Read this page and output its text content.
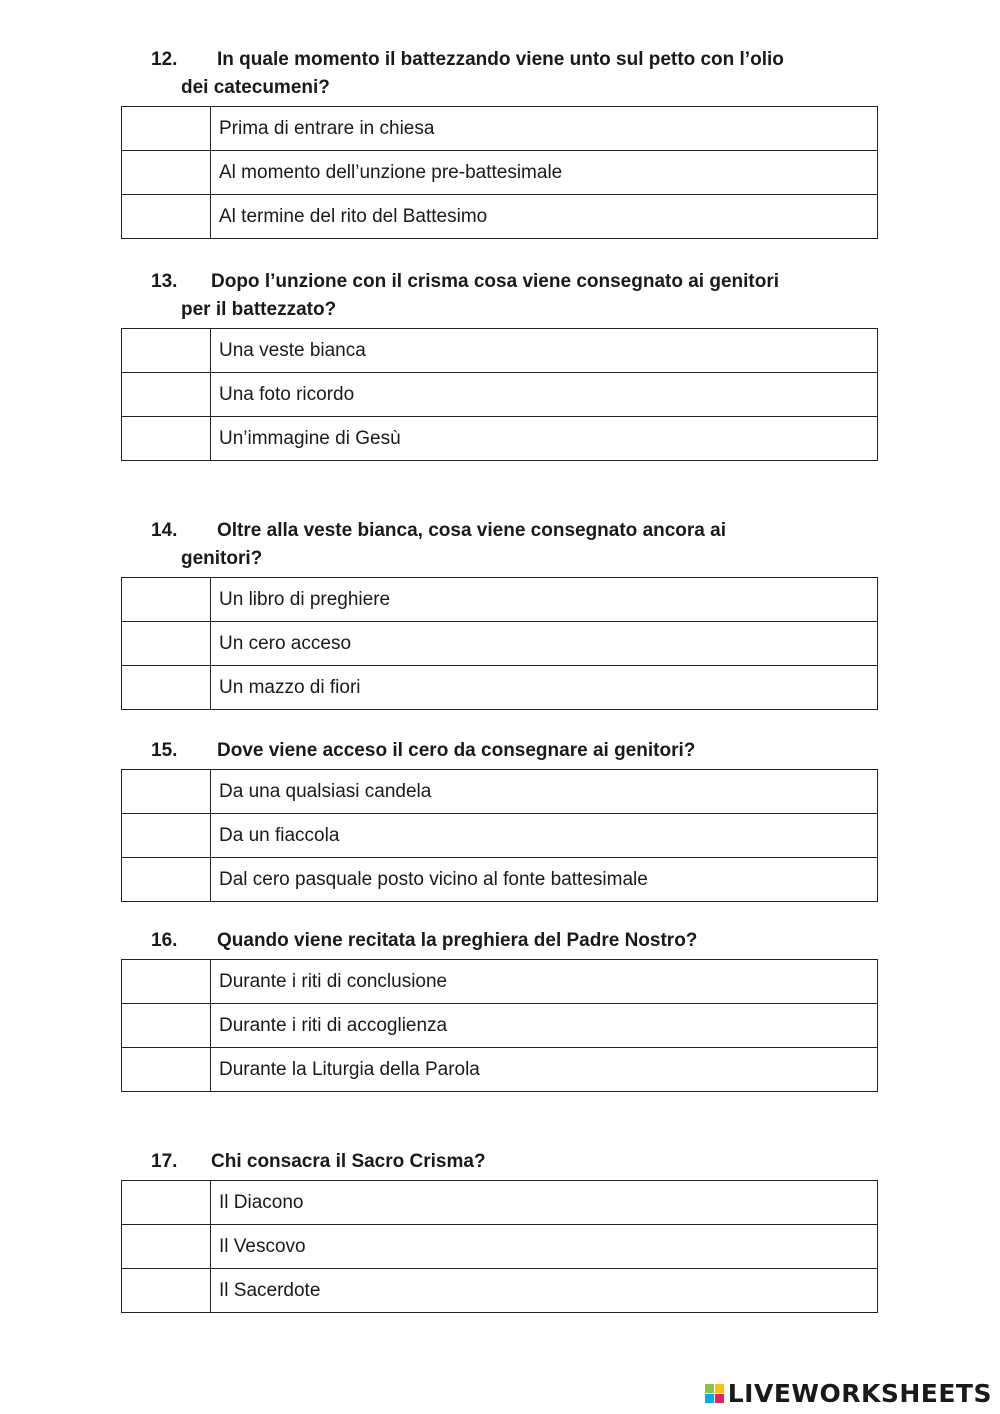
12. In quale momento il battezzando viene unto sul petto con l’olio
dei catecumeni?

	Prima di entrare in chiesa
	Al momento dell’unzione pre-battesimale
	Al termine del rito del Battesimo

13. Dopo l’unzione con il crisma cosa viene consegnato ai genitori
per il battezzato?

	Una veste bianca
	Una foto ricordo
	Un’immagine di Gesù

14. Oltre alla veste bianca, cosa viene consegnato ancora ai
genitori?

	Un libro di preghiere
	Un cero acceso
	Un mazzo di fiori

15. Dove viene acceso il cero da consegnare ai genitori?

	Da una qualsiasi candela
	Da un fiaccola
	Dal cero pasquale posto vicino al fonte battesimale

16. Quando viene recitata la preghiera del Padre Nostro?

	Durante i riti di conclusione
	Durante i riti di accoglienza
	Durante la Liturgia della Parola

17. Chi consacra il Sacro Crisma?

	Il Diacono
	Il Vescovo
	Il Sacerdote
LIVEWORKSHEETS
